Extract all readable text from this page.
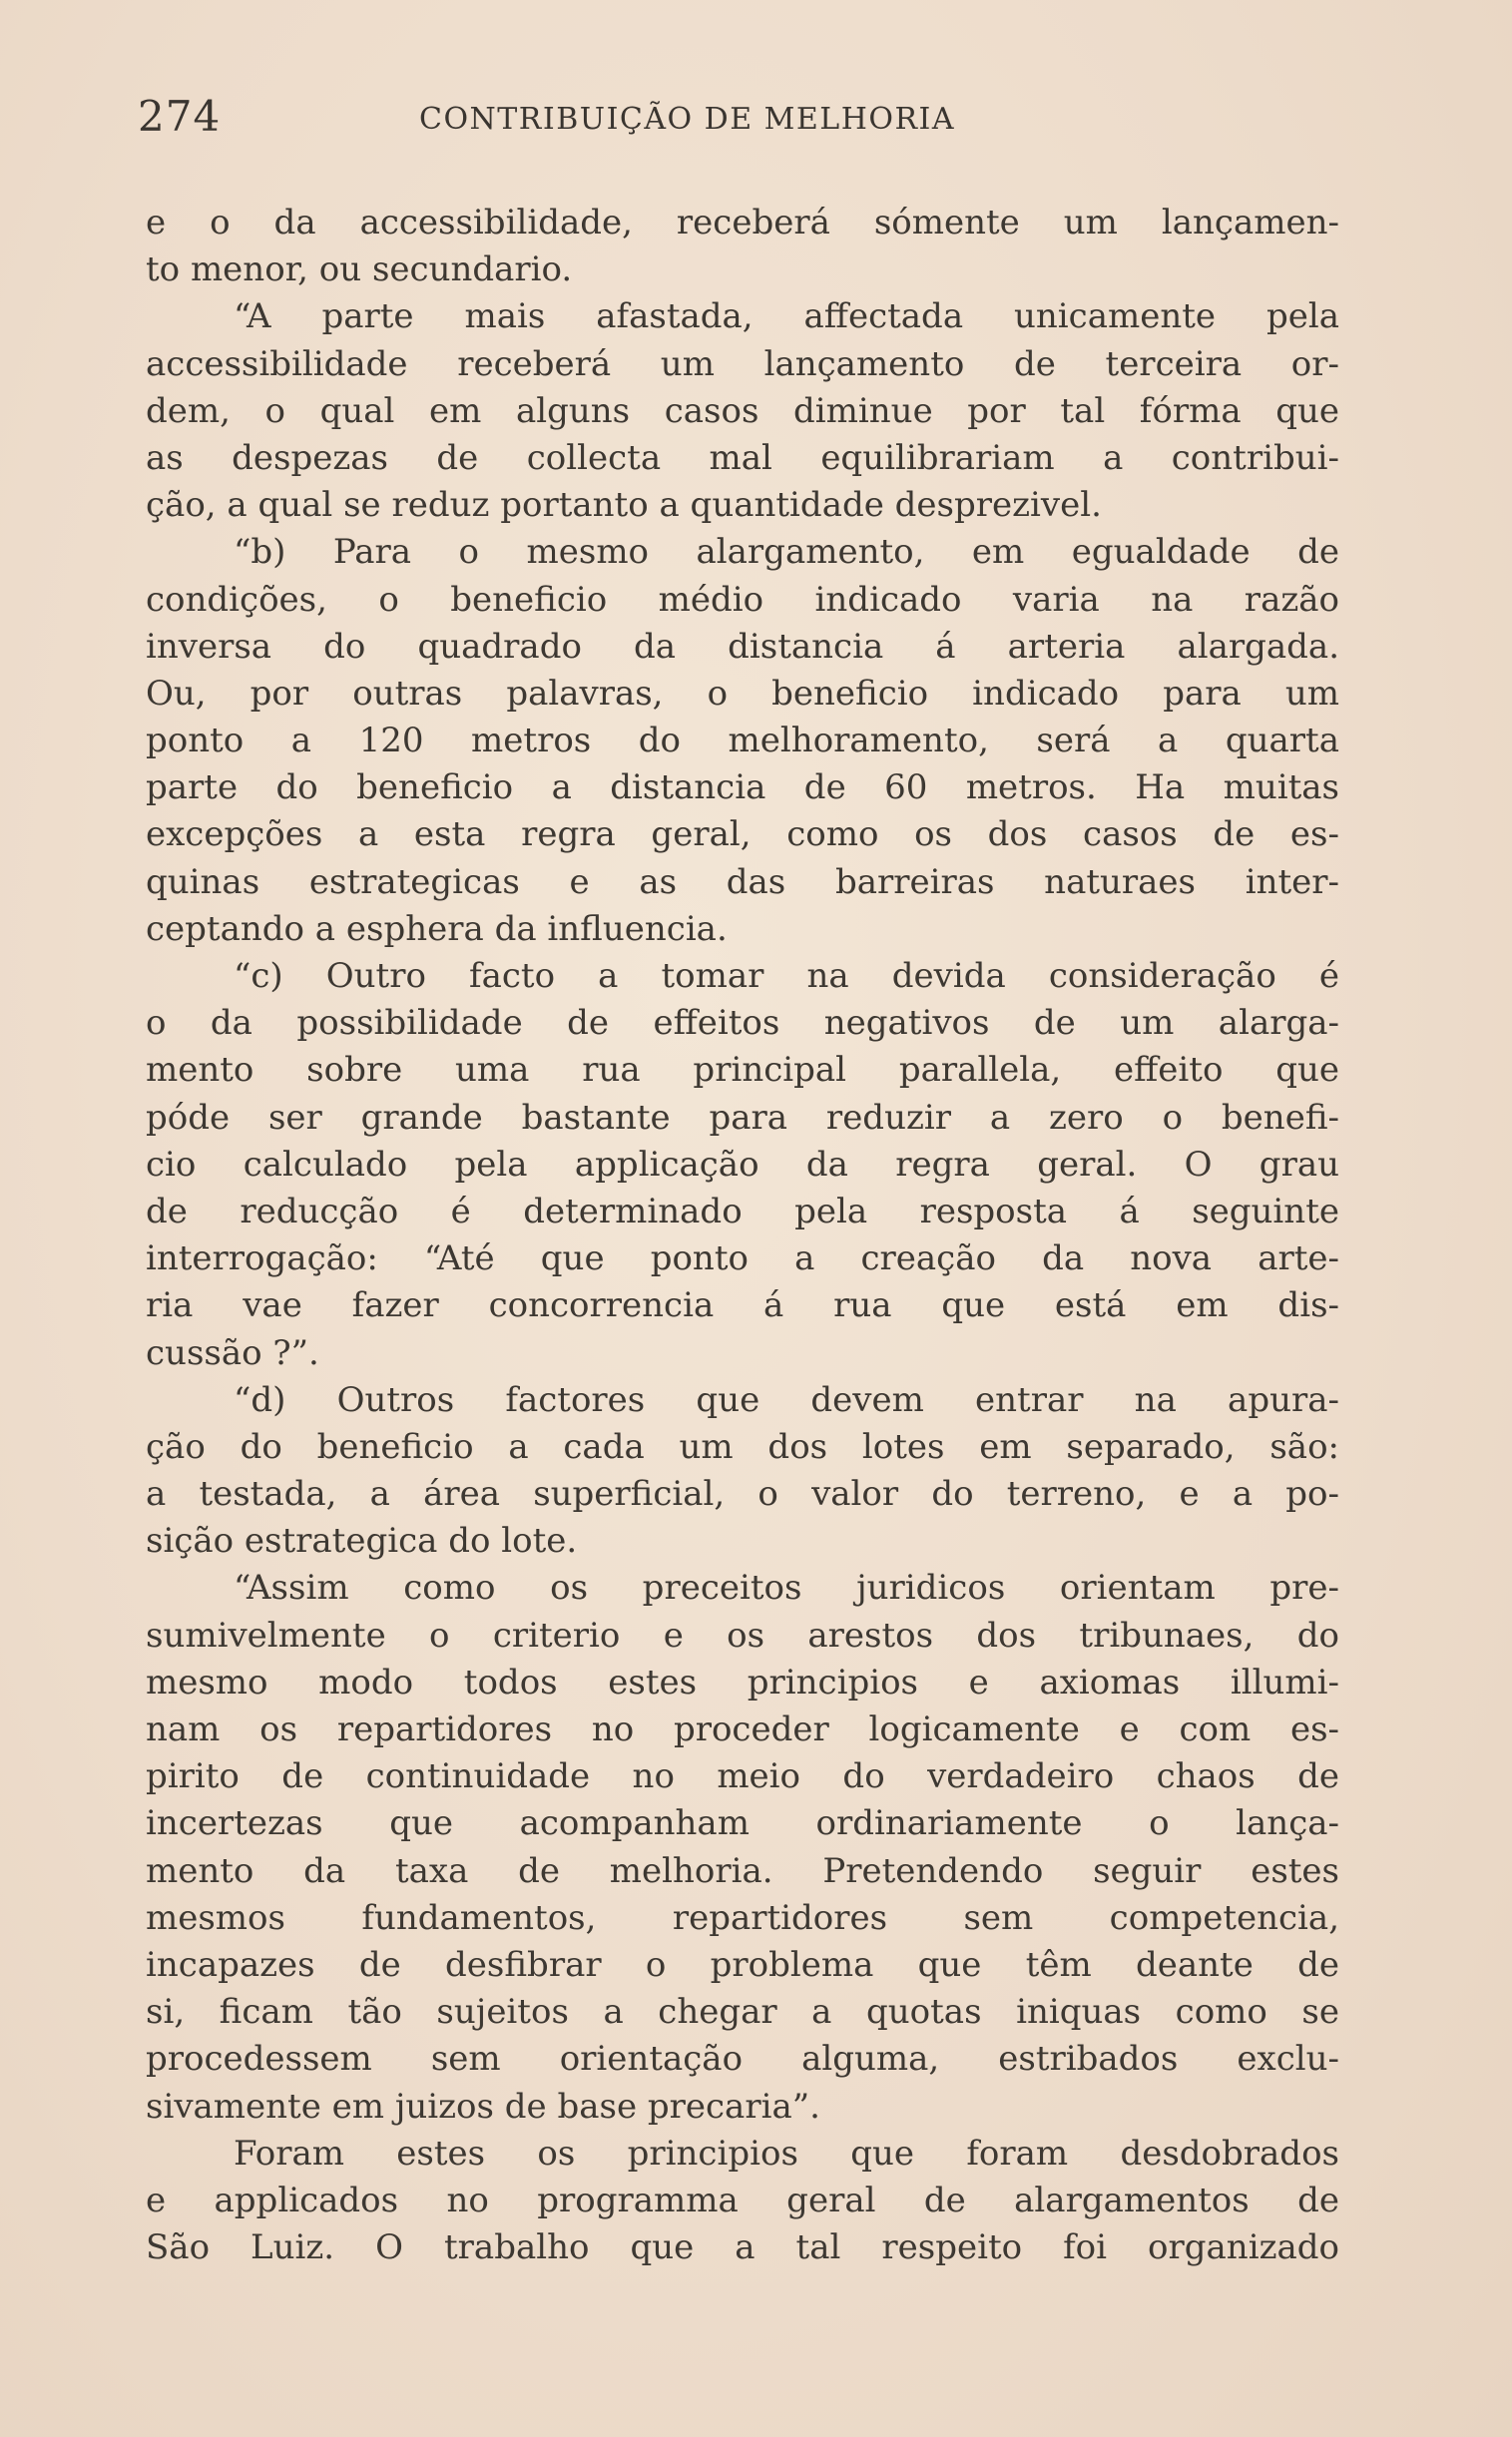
274	CONTRIBUIÇÃO DE MELHORIA
e o da accessibilidade, receberá sómente um lançamen-
to menor, ou secundario.
“A parte mais afastada, affectada unicamente pela
accessibilidade receberá um lançamento de terceira or-
dem, o qual em alguns casos diminue por tal fórma que
as despezas de collecta mal equilibrariam a contribui-
ção, a qual se reduz portanto a quantidade desprezivel.
“b) Para o mesmo alargamento, em egualdade de
condições, o beneficio médio indicado varia na razão
inversa do quadrado da distancia á arteria alargada.
Ou, por outras palavras, o beneficio indicado para um
ponto a 120 metros do melhoramento, será a quarta
parte do beneficio a distancia de 60 metros. Ha muitas
excepções a esta regra geral, como os dos casos de es-
quinas estrategicas e as das barreiras naturaes inter-
ceptando a esphera da influencia.
“c) Outro facto a tomar na devida consideração é
o da possibilidade de effeitos negativos de um alarga-
mento sobre uma rua principal parallela, effeito que
póde ser grande bastante para reduzir a zero o benefi-
cio calculado pela applicação da regra geral. O grau
de reducção é determinado pela resposta á seguinte
interrogação: “Até que ponto a creação da nova arte-
ria vae fazer concorrencia á rua que está em dis-
cussão ?”.
“d) Outros factores que devem entrar na apura-
ção do beneficio a cada um dos lotes em separado, são:
a testada, a área superficial, o valor do terreno, e a po-
sição estrategica do lote.
“Assim como os preceitos juridicos orientam pre-
sumivelmente o criterio e os arestos dos tribunaes, do
mesmo modo todos estes principios e axiomas illumi-
nam os repartidores no proceder logicamente e com es-
pirito de continuidade no meio do verdadeiro chaos de
incertezas que acompanham ordinariamente o lança-
mento da taxa de melhoria. Pretendendo seguir estes
mesmos fundamentos, repartidores sem competencia,
incapazes de desfibrar o problema que têm deante de
si, ficam tão sujeitos a chegar a quotas iniquas como se
procedessem sem orientação alguma, estribados exclu-
sivamente em juizos de base precaria”.
Foram estes os principios que foram desdobrados
e applicados no programma geral de alargamentos de
São Luiz. O trabalho que a tal respeito foi organizado
